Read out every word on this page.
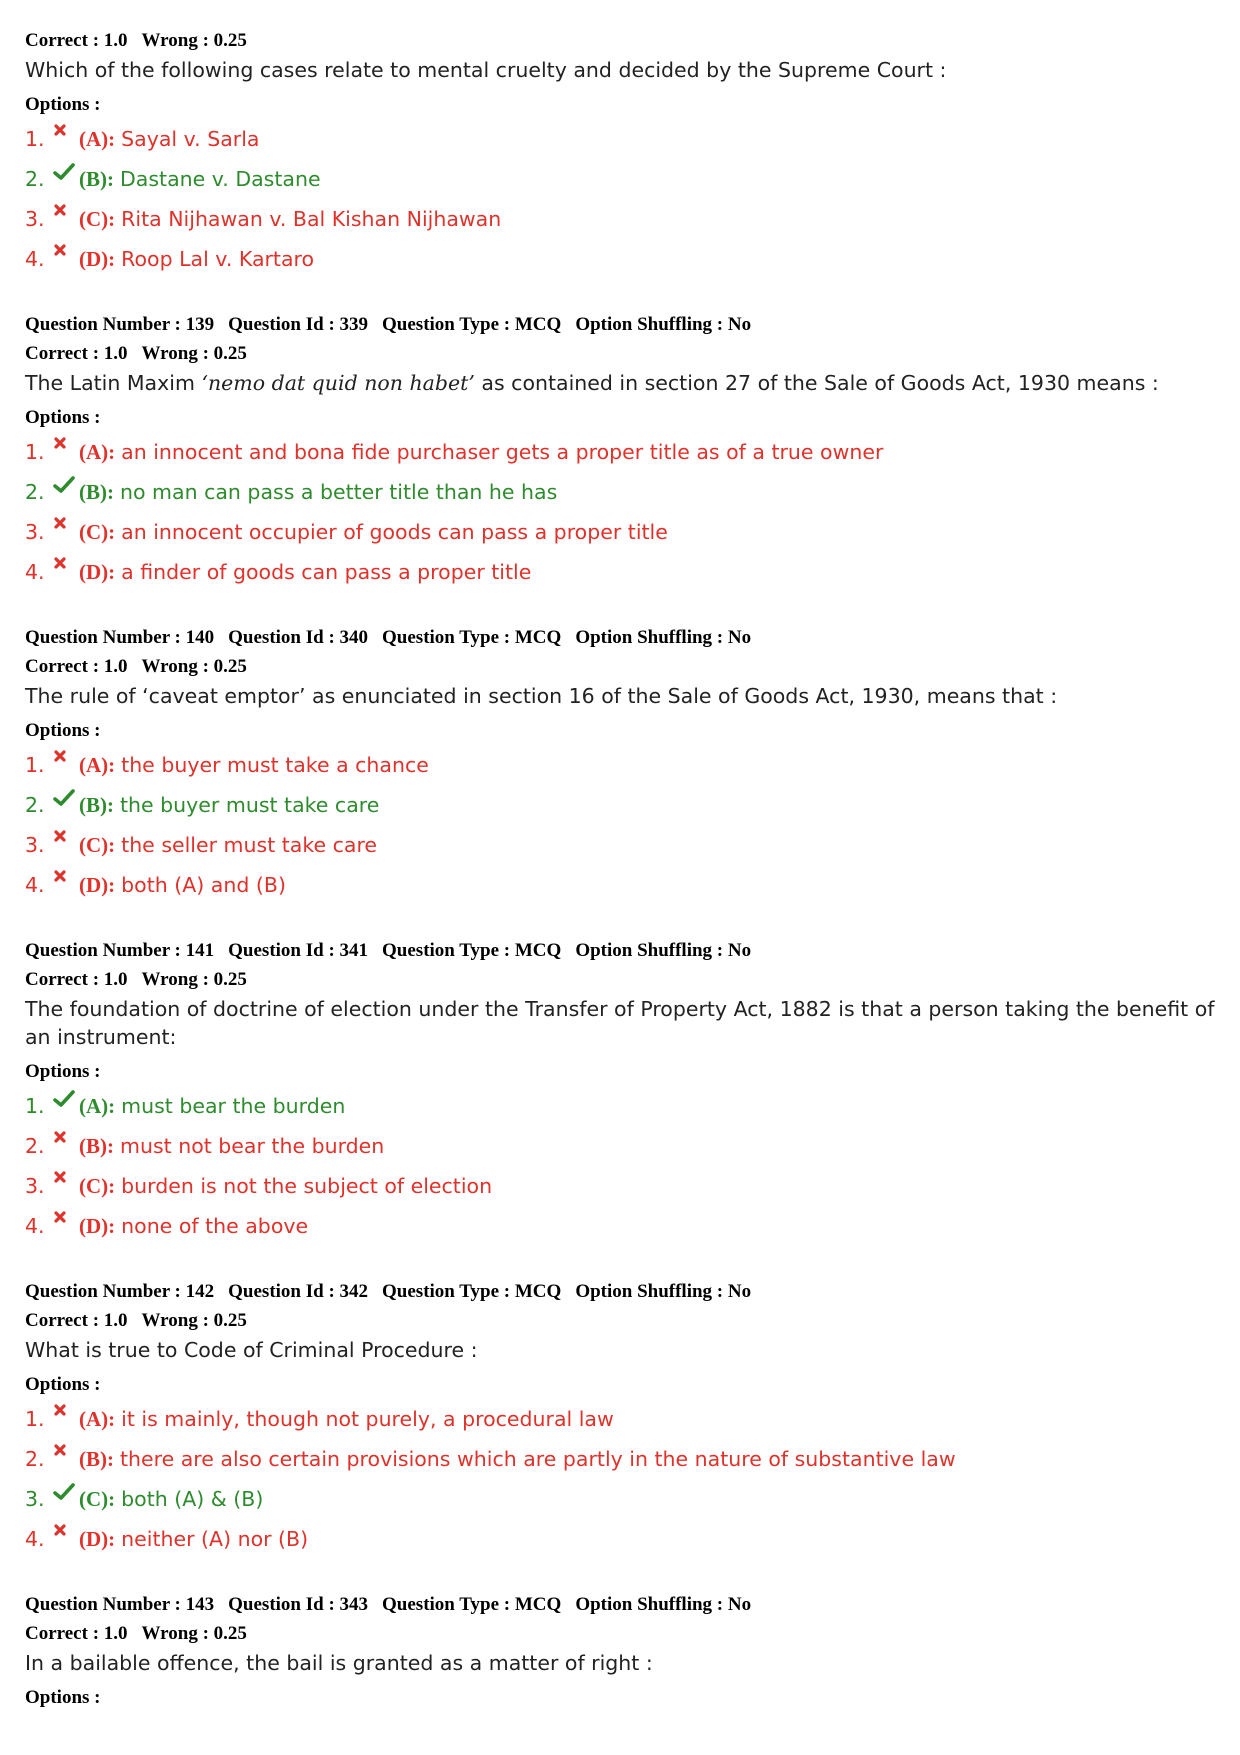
Correct : 1.0 Wrong : 0.25
Which of the following cases relate to mental cruelty and decided by the Supreme Court :
Options :
1.	(A): Sayal v. Sarla
2.	(B): Dastane v. Dastane
3.	(C): Rita Nijhawan v. Bal Kishan Nijhawan
4.	(D): Roop Lal v. Kartaro
Question Number : 139 Question Id : 339 Question Type : MCQ Option Shuffling : No
Correct : 1.0 Wrong : 0.25
The Latin Maxim ‘nemo dat quid non habet’ as contained in section 27 of the Sale of Goods Act, 1930 means :
Options :
1.	(A): an innocent and bona fide purchaser gets a proper title as of a true owner
2.	(B): no man can pass a better title than he has
3.	(C): an innocent occupier of goods can pass a proper title
4.	(D): a finder of goods can pass a proper title
Question Number : 140 Question Id : 340 Question Type : MCQ Option Shuffling : No
Correct : 1.0 Wrong : 0.25
The rule of ‘caveat emptor’ as enunciated in section 16 of the Sale of Goods Act, 1930, means that :
Options :
1.	(A): the buyer must take a chance
2.	(B): the buyer must take care
3.	(C): the seller must take care
4.	(D): both (A) and (B)
Question Number : 141 Question Id : 341 Question Type : MCQ Option Shuffling : No
Correct : 1.0 Wrong : 0.25
The foundation of doctrine of election under the Transfer of Property Act, 1882 is that a person taking the benefit of an instrument:
Options :
1.	(A): must bear the burden
2.	(B): must not bear the burden
3.	(C): burden is not the subject of election
4.	(D): none of the above
Question Number : 142 Question Id : 342 Question Type : MCQ Option Shuffling : No
Correct : 1.0 Wrong : 0.25
What is true to Code of Criminal Procedure :
Options :
1.	(A): it is mainly, though not purely, a procedural law
2.	(B): there are also certain provisions which are partly in the nature of substantive law
3.	(C): both (A) & (B)
4.	(D): neither (A) nor (B)
Question Number : 143 Question Id : 343 Question Type : MCQ Option Shuffling : No
Correct : 1.0 Wrong : 0.25
In a bailable offence, the bail is granted as a matter of right :
Options :
